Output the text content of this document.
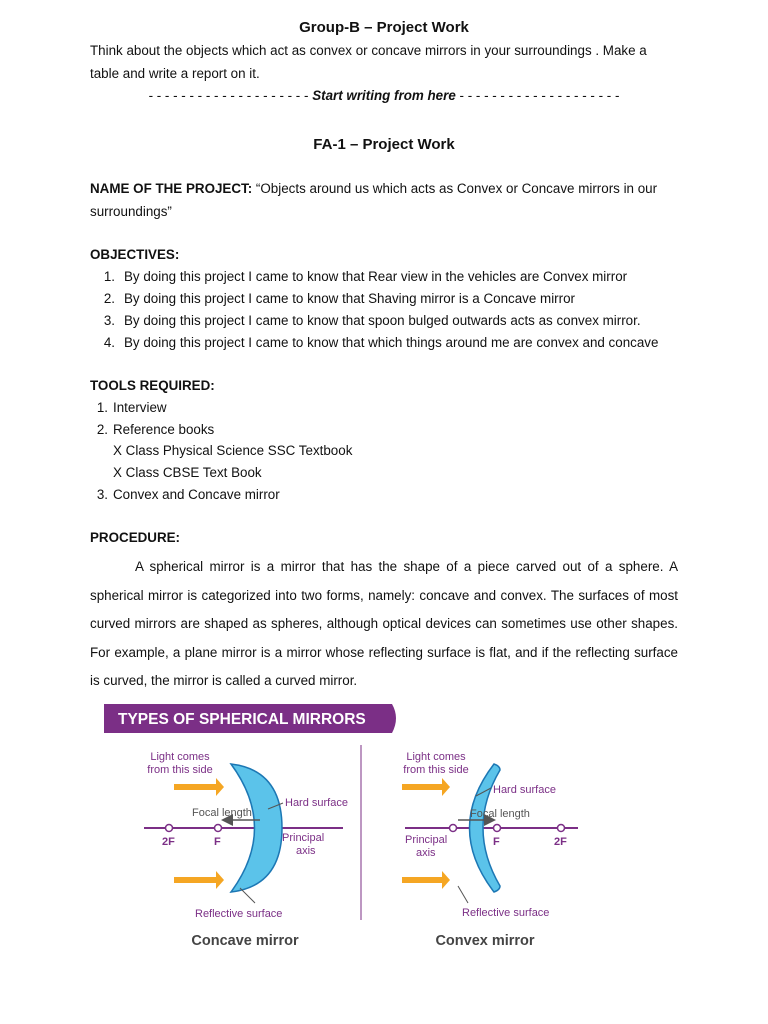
Group-B – Project Work
Think about the objects which act as convex or concave mirrors in your surroundings . Make a
table and write a report on it.
- - - - - - - - - - - - - - - - - - - - Start writing from here - - - - - - - - - - - - - - - - - - - -
FA-1 – Project Work
NAME OF THE PROJECT: “Objects around us which acts as Convex or Concave mirrors in our
surroundings”
OBJECTIVES:
1. By doing this project I came to know that Rear view in the vehicles are Convex mirror
2. By doing this project I came to know that Shaving mirror is a Concave mirror
3. By doing this project I came to know that spoon bulged outwards acts as convex mirror.
4. By doing this project I came to know that which things around me are convex and concave
TOOLS REQUIRED:
1. Interview
2. Reference books
X Class Physical Science SSC Textbook
X Class CBSE Text Book
3. Convex and Concave mirror
PROCEDURE:
A spherical mirror is a mirror that has the shape of a piece carved out of a sphere. A spherical mirror is categorized into two forms, namely: concave and convex. The surfaces of most curved mirrors are shaped as spheres, although optical devices can sometimes use other shapes. For example, a plane mirror is a mirror whose reflecting surface is flat, and if the reflecting surface is curved, the mirror is called a curved mirror.
TYPES OF SPHERICAL MIRRORS
Light comes
from this side
Hard surface
Focal length
Principal
axis
2F	F
Reflective surface
Concave mirror
Light comes
from this side
Hard surface
Focal length
Principal
axis
F	2F
Reflective surface
Convex mirror
